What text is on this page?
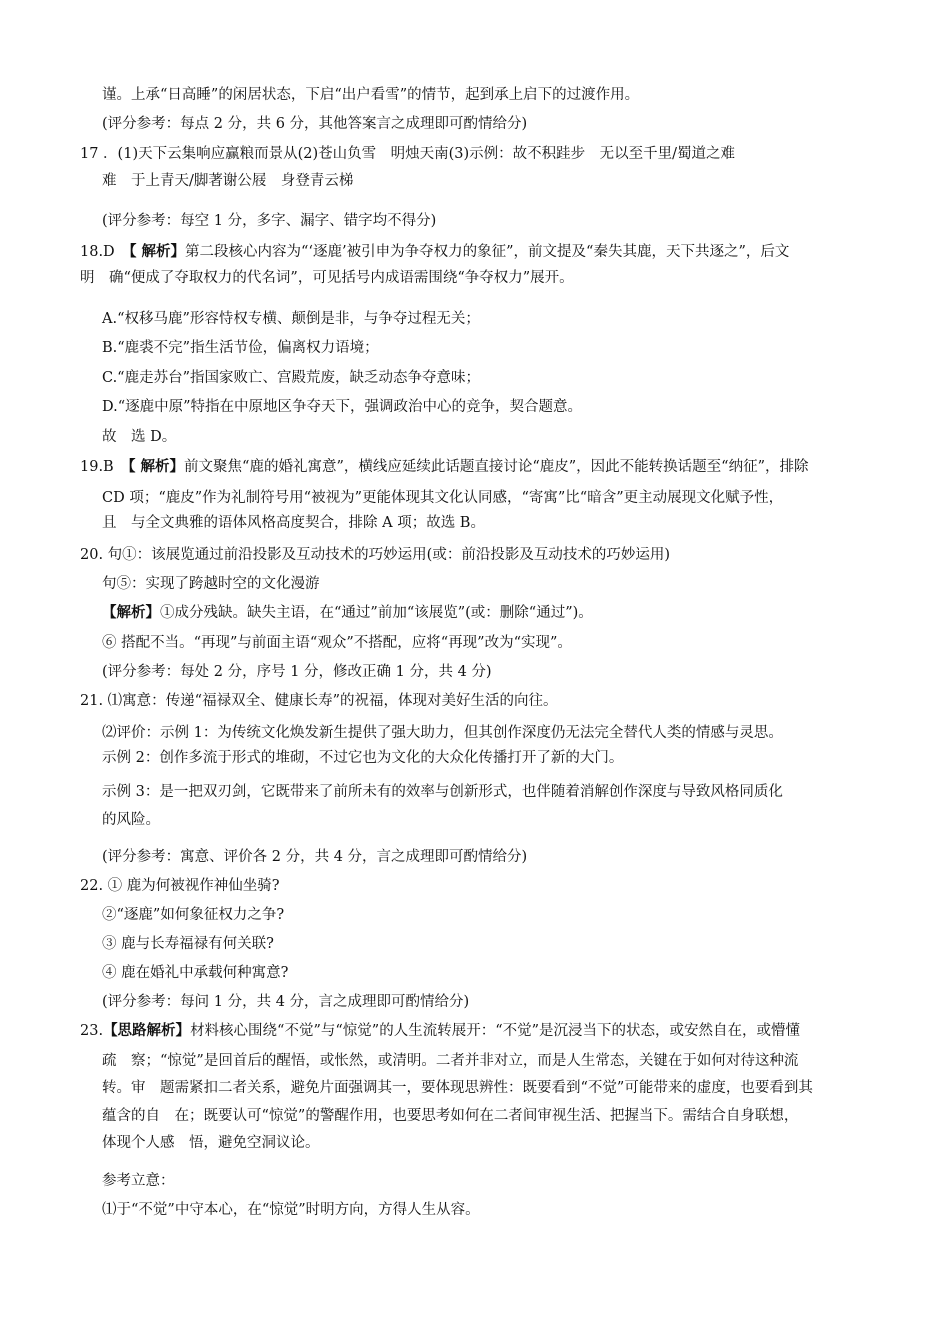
谨。上承“日高睡”的闲居状态，下启“出户看雪”的情节，起到承上启下的过渡作用。
(评分参考：每点 2 分，共 6 分，其他答案言之成理即可酌情给分)
17 ．(1)天下云集响应赢粮而景从(2)苍山负雪　明烛天南(3)示例：故不积跬步　无以至千里/蜀道之难
难　于上青天/脚著谢公屐　身登青云梯
(评分参考：每空 1 分，多字、漏字、错字均不得分)
18.D　【 解析】第二段核心内容为“‘逐鹿’被引申为争夺权力的象征”，前文提及“秦失其鹿，天下共逐之”，后文
明　确“便成了夺取权力的代名词”，可见括号内成语需围绕“争夺权力”展开。
A.“权移马鹿”形容恃权专横、颠倒是非，与争夺过程无关；
B.“鹿裘不完”指生活节俭，偏离权力语境；
C.“鹿走苏台”指国家败亡、宫殿荒废，缺乏动态争夺意味；
D.“逐鹿中原”特指在中原地区争夺天下，强调政治中心的竞争，契合题意。
故　选 D。
19.B　【 解析】前文聚焦“鹿的婚礼寓意”，横线应延续此话题直接讨论“鹿皮”，因此不能转换话题至“纳征”，排除
CD 项；“鹿皮”作为礼制符号用“被视为”更能体现其文化认同感，“寄寓”比“暗含”更主动展现文化赋予性，
且　与全文典雅的语体风格高度契合，排除 A 项；故选 B。
20. 句①：该展览通过前沿投影及互动技术的巧妙运用(或：前沿投影及互动技术的巧妙运用)
句⑤：实现了跨越时空的文化漫游
【解析】①成分残缺。缺失主语，在“通过”前加“该展览”(或：删除“通过”)。
⑥ 搭配不当。“再现”与前面主语“观众”不搭配，应将“再现”改为“实现”。
(评分参考：每处 2 分，序号 1 分，修改正确 1 分，共 4 分)
21. ⑴寓意：传递“福禄双全、健康长寿”的祝福，体现对美好生活的向往。
⑵评价：示例 1：为传统文化焕发新生提供了强大助力，但其创作深度仍无法完全替代人类的情感与灵思。
示例 2：创作多流于形式的堆砌，不过它也为文化的大众化传播打开了新的大门。
示例 3：是一把双刃剑，它既带来了前所未有的效率与创新形式，也伴随着消解创作深度与导致风格同质化
的风险。
(评分参考：寓意、评价各 2 分，共 4 分，言之成理即可酌情给分)
22. ① 鹿为何被视作神仙坐骑?
②“逐鹿”如何象征权力之争?
③ 鹿与长寿福禄有何关联?
④ 鹿在婚礼中承载何种寓意?
(评分参考：每问 1 分，共 4 分，言之成理即可酌情给分)
23.【思路解析】材料核心围绕“不觉”与“惊觉”的人生流转展开：“不觉”是沉浸当下的状态，或安然自在，或懵懂
疏　察；“惊觉”是回首后的醒悟，或怅然，或清明。二者并非对立，而是人生常态，关键在于如何对待这种流
转。审　题需紧扣二者关系，避免片面强调其一，要体现思辨性：既要看到“不觉”可能带来的虚度，也要看到其
蕴含的自　在；既要认可“惊觉”的警醒作用，也要思考如何在二者间审视生活、把握当下。需结合自身联想，
体现个人感　悟，避免空洞议论。
参考立意：
⑴于“不觉”中守本心，在“惊觉”时明方向，方得人生从容。
